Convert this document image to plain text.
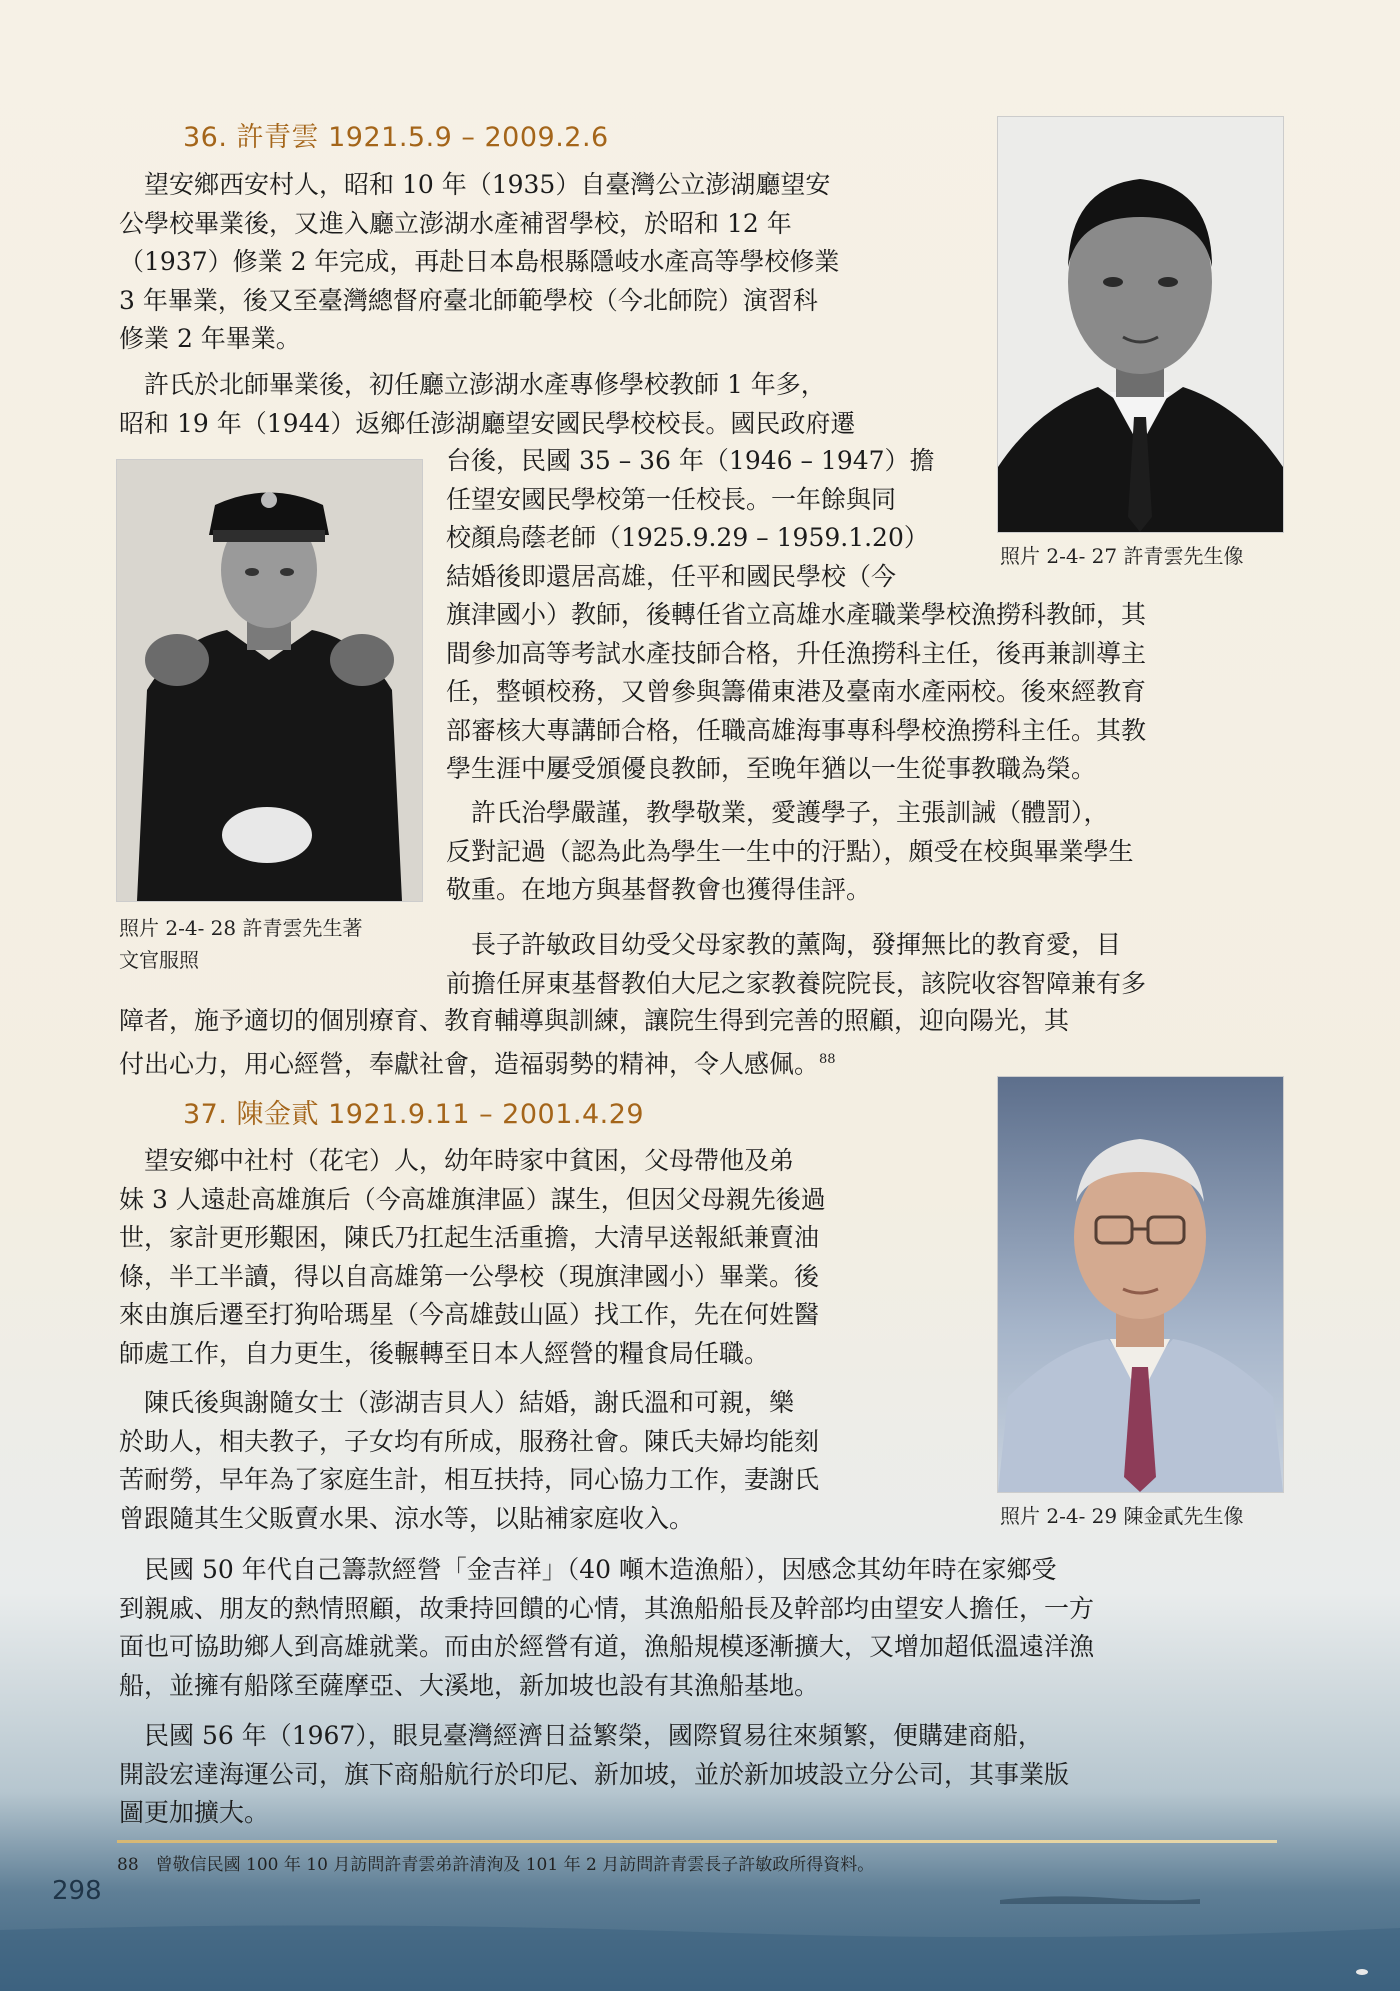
36. 許青雲 1921.5.9 – 2009.2.6
　望安鄉西安村人，昭和 10 年（1935）自臺灣公立澎湖廳望安
公學校畢業後，又進入廳立澎湖水產補習學校，於昭和 12 年
（1937）修業 2 年完成，再赴日本島根縣隱岐水產高等學校修業
3 年畢業，後又至臺灣總督府臺北師範學校（今北師院）演習科
修業 2 年畢業。
　許氏於北師畢業後，初任廳立澎湖水產專修學校教師 1 年多，
昭和 19 年（1944）返鄉任澎湖廳望安國民學校校長。國民政府遷
台後，民國 35 – 36 年（1946 – 1947）擔
任望安國民學校第一任校長。一年餘與同
校顏烏蔭老師（1925.9.29 – 1959.1.20）
結婚後即還居高雄，任平和國民學校（今
照片 2-4- 27 許青雲先生像
旗津國小）教師，後轉任省立高雄水產職業學校漁撈科教師，其
間參加高等考試水產技師合格，升任漁撈科主任，後再兼訓導主
任，整頓校務，又曾參與籌備東港及臺南水產兩校。後來經教育
部審核大專講師合格，任職高雄海事專科學校漁撈科主任。其教
學生涯中屢受頒優良教師，至晚年猶以一生從事教職為榮。
　許氏治學嚴謹，教學敬業，愛護學子，主張訓誡（體罰），
反對記過（認為此為學生一生中的汙點），頗受在校與畢業學生
敬重。在地方與基督教會也獲得佳評。
照片 2-4- 28 許青雲先生著
文官服照
　長子許敏政目幼受父母家教的薰陶，發揮無比的教育愛，目
前擔任屏東基督教伯大尼之家教養院院長，該院收容智障兼有多
障者，施予適切的個別療育、教育輔導與訓練，讓院生得到完善的照顧，迎向陽光，其
付出心力，用心經營，奉獻社會，造福弱勢的精神，令人感佩。$^{88}$
37. 陳金貳 1921.9.11 – 2001.4.29
　望安鄉中社村（花宅）人，幼年時家中貧困，父母帶他及弟
妹 3 人遠赴高雄旗后（今高雄旗津區）謀生，但因父母親先後過
世，家計更形艱困，陳氏乃扛起生活重擔，大清早送報紙兼賣油
條，半工半讀，得以自高雄第一公學校（現旗津國小）畢業。後
來由旗后遷至打狗哈瑪星（今高雄鼓山區）找工作，先在何姓醫
師處工作，自力更生，後輾轉至日本人經營的糧食局任職。
　陳氏後與謝隨女士（澎湖吉貝人）結婚，謝氏溫和可親，樂
於助人，相夫教子，子女均有所成，服務社會。陳氏夫婦均能刻
苦耐勞，早年為了家庭生計，相互扶持，同心協力工作，妻謝氏
曾跟隨其生父販賣水果、涼水等，以貼補家庭收入。	照片 2-4- 29 陳金貳先生像
　民國 50 年代自己籌款經營「金吉祥」（40 噸木造漁船），因感念其幼年時在家鄉受
到親戚、朋友的熱情照顧，故秉持回饋的心情，其漁船船長及幹部均由望安人擔任，一方
面也可協助鄉人到高雄就業。而由於經營有道，漁船規模逐漸擴大，又增加超低溫遠洋漁
船，並擁有船隊至薩摩亞、大溪地，新加坡也設有其漁船基地。
　民國 56 年（1967），眼見臺灣經濟日益繁榮，國際貿易往來頻繁，便購建商船，
開設宏達海運公司，旗下商船航行於印尼、新加坡，並於新加坡設立分公司，其事業版
圖更加擴大。
88　曾敬信民國 100 年 10 月訪問許青雲弟許清洵及 101 年 2 月訪問許青雲長子許敏政所得資料。
298
